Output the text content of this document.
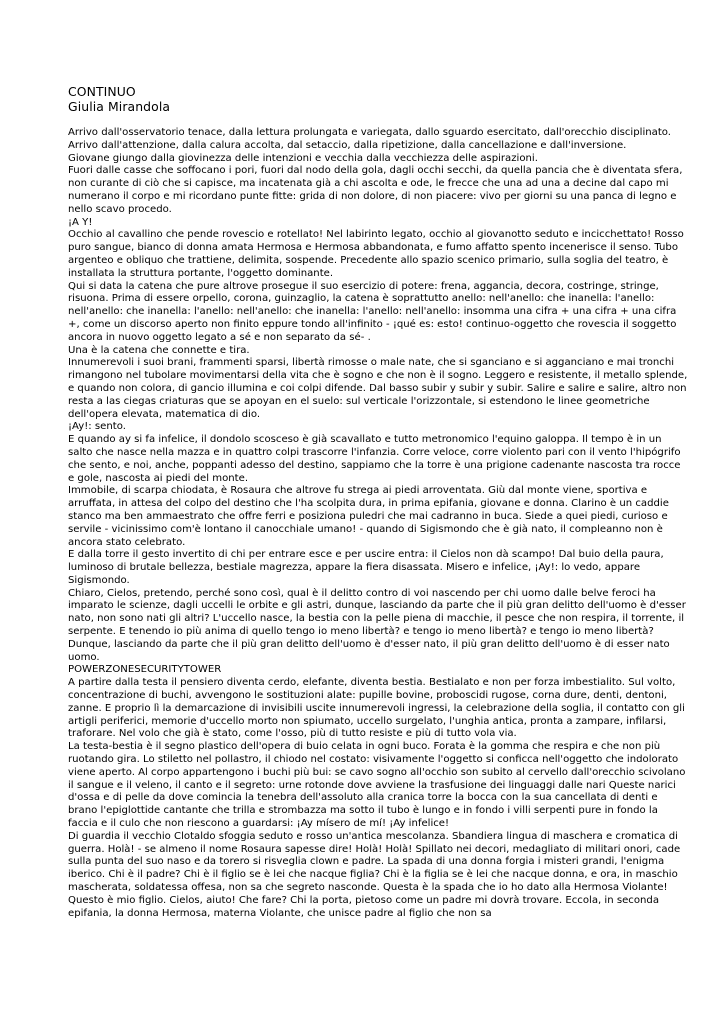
CONTINUO
Giulia Mirandola

Arrivo dall'osservatorio tenace, dalla lettura prolungata e variegata, dallo sguardo esercitato, dall'orecchio disciplinato.

Arrivo dall'attenzione, dalla calura accolta, dal setaccio, dalla ripetizione, dalla cancellazione e dall'inversione.

Giovane giungo dalla giovinezza delle intenzioni e vecchia dalla vecchiezza delle aspirazioni.

Fuori dalle casse che soffocano i pori, fuori dal nodo della gola, dagli occhi secchi, da quella pancia che è diventata sfera, non curante di ciò che si capisce, ma incatenata già a chi ascolta e ode, le frecce che una ad una a decine dal capo mi numerano il corpo e mi ricordano punte fitte: grida di non dolore, di non piacere: vivo per giorni su una panca di legno e nello scavo procedo.

¡A Y!

Occhio al cavallino che pende rovescio e rotellato! Nel labirinto legato, occhio al giovanotto seduto e incicchettato! Rosso puro sangue, bianco di donna amata Hermosa e Hermosa abbandonata, e fumo affatto spento incenerisce il senso. Tubo argenteo e obliquo che trattiene, delimita, sospende. Precedente allo spazio scenico primario, sulla soglia del teatro, è installata la struttura portante, l'oggetto dominante.

Qui si data la catena che pure altrove prosegue il suo esercizio di potere: frena, aggancia, decora, costringe, stringe, risuona. Prima di essere orpello, corona, guinzaglio, la catena è soprattutto anello: nell'anello: che inanella: l'anello: nell'anello: che inanella: l'anello: nell'anello: che inanella: l'anello: nell'anello: insomma una cifra + una cifra + una cifra +, come un discorso aperto non finito eppure tondo all'infinito - ¡qué es: esto! continuo-oggetto che rovescia il soggetto ancora in nuovo oggetto legato a sé e non separato da sé- .

Una è la catena che connette e tira.

Innumerevoli i suoi brani, frammenti sparsi, libertà rimosse o male nate, che si sganciano e si agganciano e mai tronchi rimangono nel tubolare movimentarsi della vita che è sogno e che non è il sogno. Leggero e resistente, il metallo splende, e quando non colora, di gancio illumina e coi colpi difende. Dal basso subir y subir y subir. Salire e salire e salire, altro non resta a las ciegas criaturas que se apoyan en el suelo: sul verticale l'orizzontale, si estendono le linee geometriche dell'opera elevata, matematica di dio.

¡Ay!: sento.

E quando ay si fa infelice, il dondolo scosceso è già scavallato e tutto metronomico l'equino galoppa. Il tempo è in un salto che nasce nella mazza e in quattro colpi trascorre l'infanzia. Corre veloce, corre violento pari con il vento l'hipógrifo che sento, e noi, anche, poppanti adesso del destino, sappiamo che la torre è una prigione cadenante nascosta tra rocce e gole, nascosta ai piedi del monte.

Immobile, di scarpa chiodata, è Rosaura che altrove fu strega ai piedi arroventata. Giù dal monte viene, sportiva e arruffata, in attesa del colpo del destino che l'ha scolpita dura, in prima epifania, giovane e donna. Clarino è un caddie stanco ma ben ammaestrato che offre ferri e posiziona puledri che mai cadranno in buca. Siede a quei piedi, curioso e servile - vicinissimo com'è lontano il canocchiale umano! - quando di Sigismondo che è già nato, il compleanno non è ancora stato celebrato.

E dalla torre il gesto invertito di chi per entrare esce e per uscire entra: il Cielos non dà scampo! Dal buio della paura, luminoso di brutale bellezza, bestiale magrezza, appare la fiera disassata. Misero e infelice, ¡Ay!: lo vedo, appare Sigismondo.

Chiaro, Cielos, pretendo, perché sono così, qual è il delitto contro di voi nascendo per chi uomo dalle belve feroci ha imparato le scienze, dagli uccelli le orbite e gli astri, dunque, lasciando da parte che il più gran delitto dell'uomo è d'esser nato, non sono nati gli altri? L'uccello nasce, la bestia con la pelle piena di macchie, il pesce che non respira, il torrente, il serpente. E tenendo io più anima di quello tengo io meno libertà? e tengo io meno libertà? e tengo io meno libertà?

Dunque, lasciando da parte che il più gran delitto dell'uomo è d'esser nato, il più gran delitto dell'uomo è di esser nato uomo.

POWERZONESECURITYTOWER

A partire dalla testa il pensiero diventa cerdo, elefante, diventa bestia. Bestialato e non per forza imbestialito. Sul volto, concentrazione di buchi, avvengono le sostituzioni alate: pupille bovine, proboscidi rugose, corna dure, denti, dentoni, zanne. E proprio lì la demarcazione di invisibili uscite innumerevoli ingressi, la celebrazione della soglia, il contatto con gli artigli periferici, memorie d'uccello morto non spiumato, uccello surgelato, l'unghia antica, pronta a zampare, infilarsi, traforare. Nel volo che già è stato, come l'osso, più di tutto resiste e più di tutto vola via.

La testa-bestia è il segno plastico dell'opera di buio celata in ogni buco. Forata è la gomma che respira e che non più ruotando gira. Lo stiletto nel pollastro, il chiodo nel costato: visivamente l'oggetto si conficca nell'oggetto che indolorato viene aperto. Al corpo appartengono i buchi più bui: se cavo sogno all'occhio son subito al cervello dall'orecchio scivolano il sangue e il veleno, il canto e il segreto: urne rotonde dove avviene la trasfusione dei linguaggi dalle nari Queste narici d'ossa e di pelle da dove comincia la tenebra dell'assoluto alla cranica torre la bocca con la sua cancellata di denti e brano l'epiglottide cantante che trilla e strombazza ma sotto il tubo è lungo e in fondo i villi serpenti pure in fondo la faccia e il culo che non riescono a guardarsi: ¡Ay mísero de mí! ¡Ay infelice!

Di guardia il vecchio Clotaldo sfoggia seduto e rosso un'antica mescolanza. Sbandiera lingua di maschera e cromatica di guerra. Holà! - se almeno il nome Rosaura sapesse dire! Holà! Holà! Spillato nei decori, medagliato di militari onori, cade sulla punta del suo naso e da torero si risveglia clown e padre. La spada di una donna forgia i misteri grandi, l'enigma iberico. Chi è il padre? Chi è il figlio se è lei che nacque figlia? Chi è la figlia se è lei che nacque donna, e ora, in maschio mascherata, soldatessa offesa, non sa che segreto nasconde. Questa è la spada che io ho dato alla Hermosa Violante! Questo è mio figlio. Cielos, aiuto! Che fare? Chi la porta, pietoso come un padre mi dovrà trovare. Eccola, in seconda epifania, la donna Hermosa, materna Violante, che unisce padre al figlio che non sa
